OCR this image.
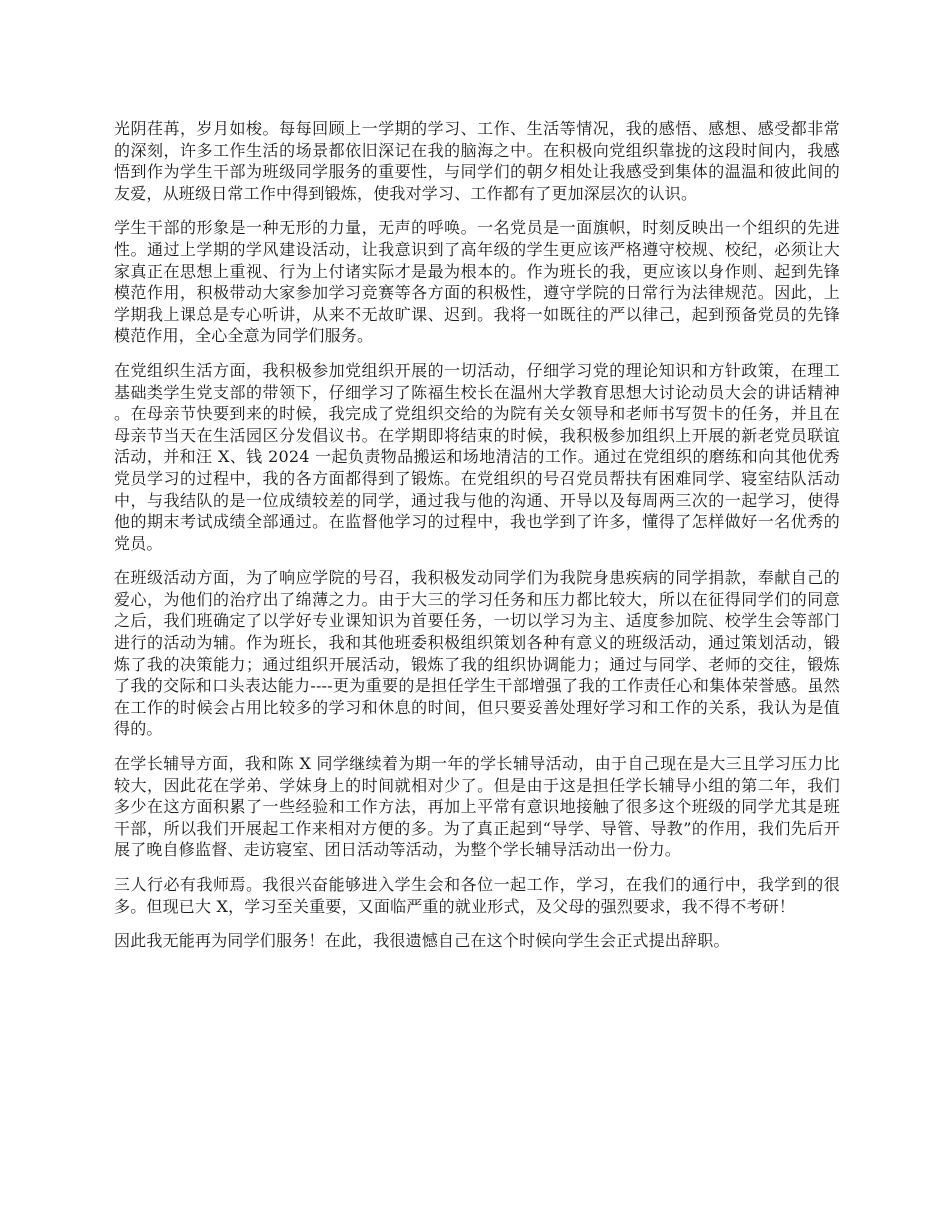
光阴荏苒，岁月如梭。每每回顾上一学期的学习、工作、生活等情况，我的感悟、感想、感受都非常的深刻，许多工作生活的场景都依旧深记在我的脑海之中。在积极向党组织靠拢的这段时间内，我感悟到作为学生干部为班级同学服务的重要性，与同学们的朝夕相处让我感受到集体的温温和彼此间的友爱，从班级日常工作中得到锻炼，使我对学习、工作都有了更加深层次的认识。

学生干部的形象是一种无形的力量，无声的呼唤。一名党员是一面旗帜，时刻反映出一个组织的先进性。通过上学期的学风建设活动，让我意识到了高年级的学生更应该严格遵守校规、校纪，必须让大家真正在思想上重视、行为上付诸实际才是最为根本的。作为班长的我，更应该以身作则、起到先锋模范作用，积极带动大家参加学习竞赛等各方面的积极性，遵守学院的日常行为法律规范。因此，上学期我上课总是专心听讲，从来不无故旷课、迟到。我将一如既往的严以律己，起到预备党员的先锋模范作用，全心全意为同学们服务。

在党组织生活方面，我积极参加党组织开展的一切活动，仔细学习党的理论知识和方针政策，在理工基础类学生党支部的带领下，仔细学习了陈福生校长在温州大学教育思想大讨论动员大会的讲话精神。在母亲节快要到来的时候，我完成了党组织交给的为院有关女领导和老师书写贺卡的任务，并且在母亲节当天在生活园区分发倡议书。在学期即将结束的时候，我积极参加组织上开展的新老党员联谊活动，并和汪 X、钱 2024 一起负责物品搬运和场地清洁的工作。通过在党组织的磨练和向其他优秀党员学习的过程中，我的各方面都得到了锻炼。在党组织的号召党员帮扶有困难同学、寝室结队活动中，与我结队的是一位成绩较差的同学，通过我与他的沟通、开导以及每周两三次的一起学习，使得他的期末考试成绩全部通过。在监督他学习的过程中，我也学到了许多，懂得了怎样做好一名优秀的党员。

在班级活动方面，为了响应学院的号召，我积极发动同学们为我院身患疾病的同学捐款，奉献自己的爱心，为他们的治疗出了绵薄之力。由于大三的学习任务和压力都比较大，所以在征得同学们的同意之后，我们班确定了以学好专业课知识为首要任务，一切以学习为主、适度参加院、校学生会等部门进行的活动为辅。作为班长，我和其他班委积极组织策划各种有意义的班级活动，通过策划活动，锻炼了我的决策能力；通过组织开展活动，锻炼了我的组织协调能力；通过与同学、老师的交往，锻炼了我的交际和口头表达能力----更为重要的是担任学生干部增强了我的工作责任心和集体荣誉感。虽然在工作的时候会占用比较多的学习和休息的时间，但只要妥善处理好学习和工作的关系，我认为是值得的。

在学长辅导方面，我和陈 X 同学继续着为期一年的学长辅导活动，由于自己现在是大三且学习压力比较大，因此花在学弟、学妹身上的时间就相对少了。但是由于这是担任学长辅导小组的第二年，我们多少在这方面积累了一些经验和工作方法，再加上平常有意识地接触了很多这个班级的同学尤其是班干部，所以我们开展起工作来相对方便的多。为了真正起到“导学、导管、导教”的作用，我们先后开展了晚自修监督、走访寝室、团日活动等活动，为整个学长辅导活动出一份力。

三人行必有我师焉。我很兴奋能够进入学生会和各位一起工作，学习，在我们的通行中，我学到的很多。但现已大 X，学习至关重要，又面临严重的就业形式，及父母的强烈要求，我不得不考研！

因此我无能再为同学们服务！在此，我很遗憾自己在这个时候向学生会正式提出辞职。
